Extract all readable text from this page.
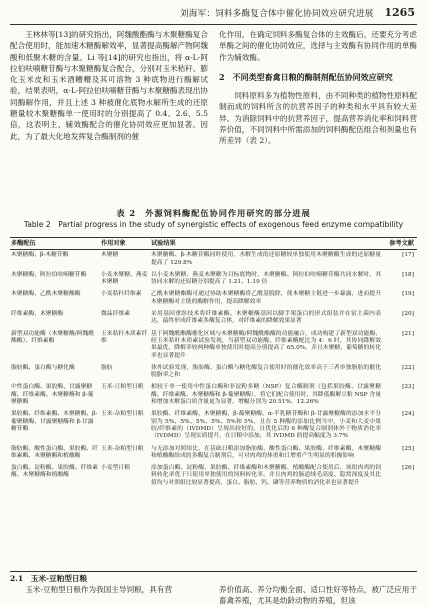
刘海军：饲料多酶复合体中催化协同效应研究进展 1265

王林林等[13]的研究指出，阿魏酸酯酶与木聚糖酶复合配合使用时，能加速木糖酶解效率，显著提高酶解产物阿魏酸和低聚木糖的含量。Li 等[14]的研究也指出，将 α-L-阿拉伯呋喃糖苷酶与木聚糖酶复合配合，分别对玉米秸秆、膨化玉米皮和玉米酒糟糟及其可溶物 3 种底物进行酶解试验，结果表明，α-L-阿拉伯呋喃糖苷酶与木聚糖酶表现出协同酶解作用，并且上述 3 种被催化底物水解所生成的还原糖量较木聚糖酶单一使用时的分别提高了 0.4、2.6、5.5 倍，这表明主、辅效酶配合的催化协同效应更加显著。因此，为了最大化地发挥复合酶制剂的催

化作用，在确定饲料多酶复合体的主效酶后，还要充分考虑单酶之间的催化协同效应，选择与主效酶有协同作用的单酶作为辅效酶。

2　不同类型畜禽日粮的酶制剂配伍协同效应研究

饲料原料多为植物性原料，由不同种类的植物性原料配制而成的饲料所含的抗营养因子的种类和水平具有较大差异。为消除饲料中的抗营养因子，提高营养消化率和饲料营养价值，不同饲料中所需添加的饲料酶配伍组合和剂量也有所差异（表 2）。

表 2　外源饲料酶配伍协同作用研究的部分进展
Table 2　Partial progress in the study of synergistic effects of exogenous feed enzyme compatibility
多酶配伍	作用对象	试验结果	参考文献
木聚糖酶、β-木糖苷酶	木聚糖	木聚糖酶、β-木糖苷酶同时使用，水解生成的还原糖较单独使用木聚糖酶生成的还原糖量提高了 129.8%	[17]
木聚糖酶、阿拉伯呋喃糖苷酶	小麦木聚糖、燕麦木聚糖	以小麦木聚糖、燕麦木聚糖为目标底物时，木聚糖酶、阿拉伯呋喃糖苷酶共同水解时，其协同水解的还原糖分别提高了 1.21、1.19 倍	[18]
木聚糖酶、乙酰木聚糖酯酶	小麦秸秆纤维素	乙酰木聚糖酯酶可通过协助木聚糖酶将乙酰基脱除，使木聚糖主链进一步暴露，进而提升木聚糖酶对主链的酶解作用，提高降解效率	[19]
纤维素酶、木聚糖酶	微晶纤维素	采用基因重组技术将纤维素酶、木聚糖酶基因以脚手架蛋白的形式组装并在宿主菌内表达，最终形成纤维素多酶复合体，对纤维素的降解效果显著	[20]
新型双功能酶（木聚糖酶/阿魏酰酯酶）、纤维素酶	玉米秸秆木质素纤维	基于阿魏酰酯酶催化区域与木聚糖酶/阿魏酰酯酶的功能融合，成功构建了新型双功能酶，经玉米秸秆木质素试验发现，当新型双功能酶、纤维素酶配比为 4：6 时，其协同降解效果最优，降解率较两种酶单独使用时提高分别提高了 65.0%，并且木聚糖、葡萄糖的转化率也显著提升	[21]
脂肪酶、蛋白酶与糖化酶	脂肪	体外试验发现，脂肪酶、蛋白酶与糖化酶复合使用时的催化效率高于三者单独脂肪的催化脱脂率之和	[22]
中性蛋白酶、果胶酶、甘露聚糖酶、纤维素酶、木聚糖酶和 β-葡聚糖酶	玉米-豆粕型日粮	相较于单一使用中性蛋白酶和非淀粉多糖（NSP）复合酶制剂（包括果胶酶、甘露聚糖酶、纤维素酶、木聚糖酶和 β-葡聚糖酶），将它们配合使用时，其降低酶解豆粕 NSP 含量和增加水解蛋白质含量更为显著，增幅分别为 20.51%、12.26%	[23]
果胶酶、纤维素酶、木聚糖酶、β-葡聚糖酶、甘露聚糖酶和 β-甘露糖苷酶	玉米-杂粕型日粮	果胶酶、纤维素酶、木聚糖酶、β-葡聚糖酶、α-半乳糖苷酶和 β-甘露聚糖酶的添加水平分别为 5%、5%、5%、5%、5%和 5%，且在 5 种酶的添加比例当中，小麦和大麦中果胶/纤维素的（IVDMD）呈现出较好的，且优化后的 6 种酶复合制剂体外干物质消化率（IVDMD）呈现实质提升，在日粮中添加，其 IVDMD 的提高幅度为 3.7%	[24]
脂肪酶、酸性蛋白酶、果胶酶、纤维素酶、木聚糖酶和植酸酶	玉米-杂粕型日粮	与无添加对照组比，在基础日粮添加脂肪酶、酸性蛋白酶、果胶酶、纤维素酶、木聚糖酶和植酸酶组成的多酶复合制剂后，可对肉鸡的体重和日增重产生明显的积极影响	[25]
蛋白酶、淀粉酶、果胶酶、纤维素酶、木聚糖酶和植酸酶	小麦型日粮	添加蛋白酶、淀粉酶、果胶酶、纤维素酶和木聚糖酶、植酸酶配合使用后，该组肉鸡的饲料转化率优于只使用单独使用的饲料转化率，并且肉鸡的肠道绒毛高度、隐窝深度及其比值均与对照组比较显著提高，蛋白、脂肪、钙、磷等营养物质的消化率也显著提升	[26]

2.1　玉米-豆粕型日粮

玉米-豆粕型日粮作为我国主导饲粮，具有营	养价值高、养分均衡全面、适口性好等特点，被广泛应用于畜禽养殖，尤其是幼龄动物的养殖，但该
